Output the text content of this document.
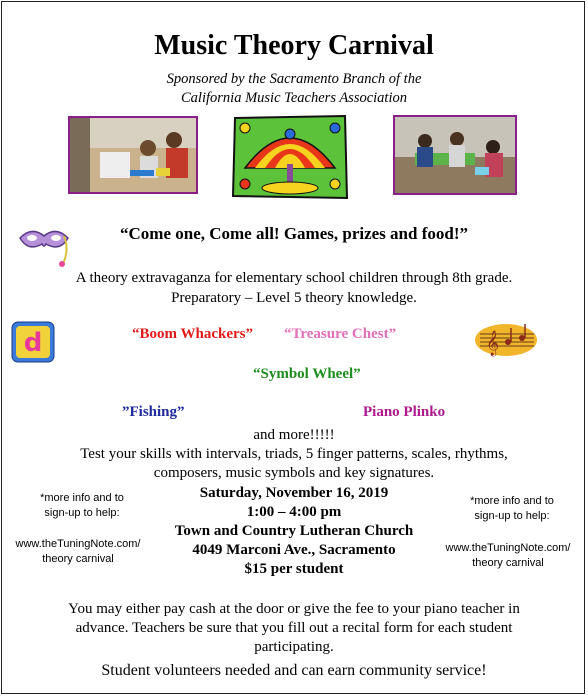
Music Theory Carnival
Sponsored by the Sacramento Branch of the
California Music Teachers Association
“Come one, Come all! Games, prizes and food!”
A theory extravaganza for elementary school children through 8th grade.
Preparatory – Level 5 theory knowledge.
d	𝄞
“Boom Whackers” “Treasure Chest”
“Symbol Wheel”
”Fishing”	Piano Plinko
and more!!!!!
Test your skills with intervals, triads, 5 finger patterns, scales, rhythms,
composers, music symbols and key signatures.
Saturday, November 16, 2019
1:00 – 4:00 pm
Town and Country Lutheran Church
4049 Marconi Ave., Sacramento
$15 per student
*more info and to
sign-up to help:
www.theTuningNote.com/
theory carnival
*more info and to
sign-up to help:
www.theTuningNote.com/
theory carnival
You may either pay cash at the door or give the fee to your piano teacher in
advance. Teachers be sure that you fill out a recital form for each student
participating.
Student volunteers needed and can earn community service!
